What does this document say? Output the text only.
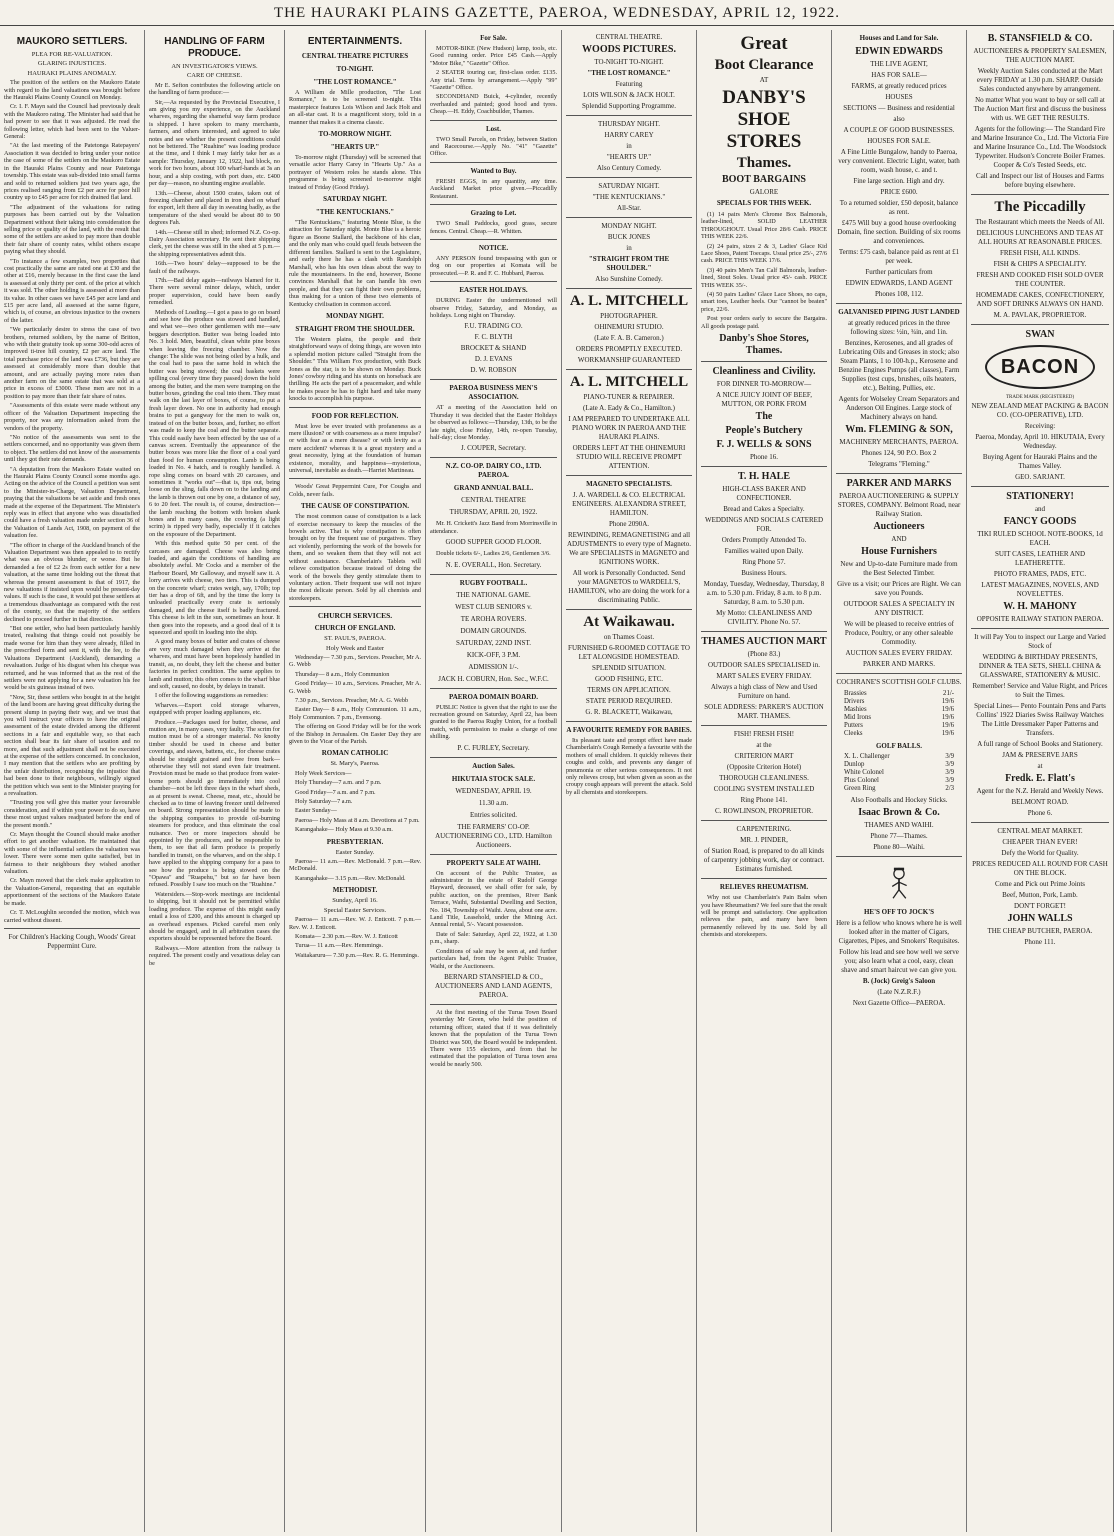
THE HAURAKI PLAINS GAZETTE, PAEROA, WEDNESDAY, APRIL 12, 1922.
MAUKORO SETTLERS.
PLEA FOR RE-VALUATION.
GLARING INJUSTICES.
HAURAKI PLAINS ANOMALY.

The position of the settlers on the Maukoro Estate with regard to the land valuations was brought before the Hauraki Plains County Council on Monday.

Cr. I. F. Mayn said the Council had previously dealt with the Maukoro rating. The Minister had said that he had power to see that it was adjusted. He read the following letter, which had been sent to the Valuer-General:

"At the last meeting of the Patetonga Ratepayers' Association it was decided to bring under your notice the case of some of the settlers on the Maukoro Estate in the Hauraki Plains County and near Patetonga township. This estate was sub-divided into small farms and sold to returned soldiers just two years ago, the prices realised ranging from £2 per acre for poor hill country up to £45 per acre for rich drained flat land.

"The adjustment of the valuations for rating purposes has been carried out by the Valuation Department without their taking into consideration the selling price or quality of the land, with the result that some of the settlers are asked to pay more than double their fair share of county rates, whilst others escape paying what they should.

"To instance a few examples, two properties that cost practically the same are rated one at £30 and the other at £16, merely because in the first case the land is assessed at only thirty per cent. of the price at which it was sold. The other holding is assessed at more than its value. In other cases we have £45 per acre land and £15 per acre land, all assessed at the same figure, which is, of course, an obvious injustice to the owners of the latter.

"We particularly desire to stress the case of two brothers, returned soldiers, by the name of Britton, who with their gratuity took up some 300-odd acres of improved ti-tree hill country, £2 per acre land. The total purchase price of the land was £736, but they are assessed at considerably more than double that amount, and are actually paying more rates than another farm on the same estate that was sold at a price in excess of £3000. These men are not in a position to pay more than their fair share of rates.

"Assessments of this estate were made without any officer of the Valuation Department inspecting the property, nor was any information asked from the vendors of the property.

"No notice of the assessments was sent to the settlers concerned, and no opportunity was given them to object. The settlers did not know of the assessments until they got their rate demands.

"A deputation from the Maukoro Estate waited on the Hauraki Plains County Council some months ago. Acting on the advice of the Council a petition was sent to the Minister-in-Charge, Valuation Department, praying that the valuations be set aside and fresh ones made at the expense of the Department. The Minister's reply was in effect that anyone who was dissatisfied could have a fresh valuation made under section 36 of the Valuation of Lands Act, 1908, on payment of the valuation fee.

"The officer in charge of the Auckland branch of the Valuation Department was then appealed to to rectify what was an obvious blunder, or worse. But he demanded a fee of £2 2s from each settler for a new valuation, at the same time holding out the threat that whereas the present assessment is that of 1917, the new valuations if insisted upon would be present-day values. If such is the case, it would put these settlers at a tremendous disadvantage as compared with the rest of the county, so that the majority of the settlers declined to proceed further in that direction.

"But one settler, who had been particularly harshly treated, realising that things could not possibly be made worse for him than they were already, filled in the prescribed form and sent it, with the fee, to the Valuations Department (Auckland), demanding a revaluation. Judge of his disgust when his cheque was returned, and he was informed that as the rest of the settlers were not applying for a new valuation his fee would be six guineas instead of two.

"Now, Sir, these settlers who bought in at the height of the land boom are having great difficulty during the present slump in paying their way, and we trust that you will instruct your officers to have the original assessment of the estate divided among the different sections in a fair and equitable way, so that each section shall bear its fair share of taxation and no more, and that such adjustment shall not be executed at the expense of the settlers concerned. In conclusion, I may mention that the settlers who are profiting by the unfair distribution, recognising the injustice that had been done to their neighbours, willingly signed the petition which was sent to the Minister praying for a revaluation.

"Trusting you will give this matter your favourable consideration, and if within your power to do so, have these most unjust values readjusted before the end of the present month."

Cr. Mayn thought the Council should make another effort to get another valuation. He maintained that with some of the influential settlers the valuation was lower. There were some men quite satisfied, but in fairness to their neighbours they wished another valuation.

Cr. Mayn moved that the clerk make application to the Valuation-General, requesting that an equitable apportionment of the sections of the Maukoro Estate be made.

Cr. T. McLoughlin seconded the motion, which was carried without dissent.

For Children's Hacking Cough, Woods' Great Peppermint Cure.
HANDLING OF FARM PRODUCE.
AN INVESTIGATOR'S VIEWS.
CARE OF CHEESE.

Mr E. Sefton contributes the following article on the handling of farm produce:—

Sir,—As requested by the Provincial Executive, I am giving you my experience, on the Auckland wharves, regarding the shameful way farm produce is shipped. I have spoken to many merchants, farmers, and others interested, and agreed to take notes and see whether the present conditions could not be bettered. The "Ruahine" was loading produce at the time, and I think I may fairly take her as a sample: Thursday, January 12, 1922, had block, no work for two hours, about 100 wharf-hands at 3s an hour, and a ship costing, with port dues, etc. £400 per day—reason, no shunting engine available.

13th.—Cheese, about 1500 crates, taken out of freezing chamber and placed in iron shed on wharf for export, left there all day in sweating badly, as the temperature of the shed would be about 80 to 90 degrees Fah.

14th.—Cheese still in shed; informed N.Z. Co-op. Dairy Association secretary. He sent their shipping clerk, yet the cheese was still in the shed at 5 p.m.—the shipping representatives admit this.

16th.—Two hours' delay—supposed to be the fault of the railways.

17th.—Bad delay again—railways blamed for it. There were several minor delays, which, under proper supervision, could have been easily remedied.

Methods of Loading.—I got a pass to go on board and see how the produce was stowed and handled, and what we—two other gentlemen with me—saw beggars description. Butter was being loaded into No. 3 hold. Men, beautiful, clean white pine boxes when leaving the freezing chamber. Now the change: The slide was not being oiled by a hulk, and the coal had to pass the same hold in which the butter was being stowed; the coal baskets were spilling coal (every time they passed) down the hold among the butter, and the men were tramping on the butter boxes, grinding the coal into them. They must walk on the last layer of boxes, of course, to put a fresh layer down. No one in authority had enough brains to put a gangway for the men to walk on, instead of on the butter boxes, and, further, no effort was made to keep the coal and the butter separate. This could easily have been effected by the use of a canvas screen. Eventually the appearance of the butter boxes was more like the floor of a coal yard than food for human consumption. Lamb is being loaded in No. 4 hatch, and is roughly handled. A rope sling comes on board with 20 carcases, and sometimes it "works out"—that is, tips out, being loose on the sling, falls down on to the landing and the lamb is thrown out one by one, a distance of say, 6 to 20 feet. The result is, of course, destruction—the lamb reaching the bottom with broken shank bones and in many cases, the covering (a light scrim) is ripped very badly, especially if it catches on the exposure of the Department.

With this method quite 50 per cent. of the carcases are damaged. Cheese was also being loaded, and again the conditions of handling are absolutely awful. Mr Cocks and a member of the Harbour Board, Mr Galloway, and myself saw it. A lorry arrives with cheese, two tiers. This is dumped on the concrete wharf; crates weigh, say, 170lb; top tier has a drop of 6ft, and by the time the lorry is unloaded practically every crate is seriously damaged, and the cheese itself is badly fractured. This cheese is left in the sun, sometimes an hour. It then goes into the ropesets, and a good deal of it is squeezed and spoilt in loading into the ship.

A good many boxes of butter and crates of cheese are very much damaged when they arrive at the wharves, and must have been hopelessly handled in transit, as, no doubt, they left the cheese and butter factories in perfect condition. The same applies to lamb and mutton; this often comes to the wharf blue and soft, caused, no doubt, by delays in transit.

I offer the following suggestions as remedies:

Wharves.—Export cold storage wharves, equipped with proper loading appliances, etc.

Produce.—Packages used for butter, cheese, and mutton are, in many cases, very faulty. The scrim for mutton must be of a stronger material. No knotty timber should be used in cheese and butter coverings, and staves, battens, etc., for cheese crates should be straight grained and free from bark—otherwise they will not stand even fair treatment. Provision must be made so that produce from water-borne ports should go immediately into cool chamber—not be left three days in the wharf sheds, as at present is sweat. Cheese, meat, etc., should be checked as to time of leaving freezer until delivered on board. Strong representation should be made to the shipping companies to provide oil-burning steamers for produce, and thus eliminate the coal nuisance. Two or more inspectors should be appointed by the producers, and be responsible to them, to see that all farm produce is properly handled in transit, on the wharves, and on the ship. I have applied to the shipping company for a pass to see how the produce is being stowed on the "Opawa" and "Ruapehu," but so far have been refused. Possibly I saw too much on the "Ruahine."

Watersiders.—Stop-work meetings are incidental to shipping, but it should not be permitted whilst loading produce. The expense of this might easily entail a loss of £200, and this amount is charged up as overhead expenses. Picked careful men only should be engaged, and in all arbitration cases the exporters should be represented before the Board.

Railways.—More attention from the railway is required. The present costly and vexatious delay can be

ENTERTAINMENTS.
CENTRAL THEATRE PICTURES
TO-NIGHT.
"THE LOST ROMANCE."

A William de Mille production, "The Lost Romance," is to be screened to-night. This masterpiece features Lois Wilson and Jack Holt and an all-star cast. It is a magnificent story, told in a manner that makes it a cinema classic.

TO-MORROW NIGHT.
"HEARTS UP."

To-morrow night (Thursday) will be screened that versatile actor Harry Carey in "Hearts Up." As a portrayer of Western roles he stands alone. This programme is being screened to-morrow night instead of Friday (Good Friday).

SATURDAY NIGHT.
"THE KENTUCKIANS."

"The Kentuckians," featuring Monte Blue, is the attraction for Saturday night. Monte Blue is a heroic figure as Boone Stallard, the backbone of his clan, and the only man who could quell feuds between the different families. Stallard is sent to the Legislature, and early there he has a clash with Randolph Marshall, who has his own ideas about the way to rule the mountaineers. In the end, however, Boone convinces Marshall that he can handle his own people, and that they can fight their own problems, thus making for a union of these two elements of Kentucky civilisation in common accord.

MONDAY NIGHT.
STRAIGHT FROM THE SHOULDER.

The Western plains, the people and their straightforward ways of doing things, are woven into a splendid motion picture called "Straight from the Shoulder." This William Fox production, with Buck Jones as the star, is to be shown on Monday. Buck Jones' cowboy riding and his stunts on horseback are thrilling. He acts the part of a peacemaker, and while he makes peace he has to fight hard and take many knocks to accomplish his purpose.

FOOD FOR REFLECTION.

Must love be ever treated with profaneness as a mere illusion? or with coarseness as a mere impulse? or with fear as a mere disease? or with levity as a mere accident? whereas it is a great mystery and a great necessity, lying at the foundation of human existence, morality, and happiness—mysterious, universal, inevitable as death.—Harriet Martineau.

Woods' Great Peppermint Cure, For Coughs and Colds, never fails.

THE CAUSE OF CONSTIPATION.

The most common cause of constipation is a lack of exercise necessary to keep the muscles of the bowels active. That is why constipation is often brought on by the frequent use of purgatives. They act violently, performing the work of the bowels for them, and so weaken them that they will not act without assistance. Chamberlain's Tablets will relieve constipation because instead of doing the work of the bowels they gently stimulate them to voluntary action. Their frequent use will not injure the most delicate person. Sold by all chemists and storekeepers.

CHURCH SERVICES.
CHURCH OF ENGLAND.
ST. PAUL'S, PAEROA.
Holy Week and Easter

Wednesday— 7.30 p.m., Services. Preacher, Mr A. G. Webb

Thursday— 8 a.m., Holy Communion

Good Friday— 10 a.m., Services. Preacher, Mr A. G. Webb

7.30 p.m., Services. Preacher, Mr A. G. Webb

Easter Day— 8 a.m., Holy Communion. 11 a.m., Holy Communion. 7 p.m., Evensong.

The offering on Good Friday will be for the work of the Bishop in Jerusalem. On Easter Day they are given to the Vicar of the Parish.

ROMAN CATHOLIC
St. Mary's, Paeroa.

Holy Week Services—

Holy Thursday—7 a.m. and 7 p.m.

Good Friday—7 a.m. and 7 p.m.

Holy Saturday—7 a.m.

Easter Sunday—

Paeroa— Holy Mass at 8 a.m. Devotions at 7 p.m.

Karangahake— Holy Mass at 9.30 a.m.

PRESBYTERIAN.
Easter Sunday.

Paeroa— 11 a.m.—Rev. McDonald. 7 p.m.—Rev. McDonald.

Karangahake— 3.15 p.m.—Rev. McDonald.

METHODIST.
Sunday, April 16.
Special Easter Services.

Paeroa— 11 a.m.—Rev. W. J. Enticott. 7 p.m.—Rev. W. J. Enticott.

Komata— 2.30 p.m.—Rev. W. J. Enticott

Turua— 11 a.m.—Rev. Hemmings.

Waitakaruru— 7.30 p.m.—Rev. R. G. Hemmings.

For Sale.

MOTOR-BIKE (New Hudson) lamp, tools, etc. Good running order. Price £45 Cash.—Apply "Motor Bike," "Gazette" Office.

2 SEATER touring car, first-class order. £135. Any trial. Terms by arrangement.—Apply "99" "Gazette" Office.

SECONDHAND Buick, 4-cylinder, recently overhauled and painted; good hood and tyres. Cheap.—H. Eddy, Coachbuilder, Thames.

Lost.

TWO Small Parcels, on Friday, between Station and Racecourse.—Apply No. "41" "Gazette" Office.

Wanted to Buy.

FRESH EGGS, in any quantity, any time. Auckland Market price given.—Piccadilly Restaurant.

Grazing to Let.

TWO Small Paddocks, good grass, secure fences. Central. Cheap.—R. Whitten.

NOTICE.

ANY PERSON found trespassing with gun or dog on our properties at Komata will be prosecuted.—P. R. and F. C. Hubbard, Paeroa.

EASTER HOLIDAYS.

DURING Easter the undermentioned will observe Friday, Saturday, and Monday, as holidays. Long night on Thursday.

F.U. TRADING CO.

F. C. BLYTH

BROCKET & SHAND

D. J. EVANS

D. W. ROBSON

PAEROA BUSINESS MEN'S ASSOCIATION.

AT a meeting of the Association held on Thursday it was decided that the Easter Holidays be observed as follows:—Thursday, 13th, to be the late night, close Friday, 14th, re-open Tuesday, half-day; close Monday.

J. COUPER, Secretary.
N.Z. CO-OP. DAIRY CO., LTD. PAEROA.
GRAND ANNUAL BALL.
CENTRAL THEATRE
THURSDAY, APRIL 20, 1922.

Mr. H. Crickett's Jazz Band from Morrinsville in attendance.

GOOD SUPPER GOOD FLOOR.

Double tickets 6/-, Ladies 2/6, Gentlemen 3/6.

N. E. OVERALL, Hon. Secretary.
RUGBY FOOTBALL.
THE NATIONAL GAME.
WEST CLUB SENIORS v.
TE AROHA ROVERS.
DOMAIN GROUNDS.
SATURDAY, 22ND INST.
KICK-OFF, 3 P.M.
ADMISSION 1/-.
JACK H. COBURN, Hon. Sec., W.F.C.
PAEROA DOMAIN BOARD.

PUBLIC Notice is given that the right to use the recreation ground on Saturday, April 22, has been granted to the Paeroa Rugby Union, for a football match, with permission to make a charge of one shilling.

P. C. FURLEY, Secretary.
Auction Sales.
HIKUTAIA STOCK SALE.
WEDNESDAY, APRIL 19.
11.30 a.m.
Entries solicited.
THE FARMERS' CO-OP. AUCTIONEERING CO., LTD. Hamilton Auctioneers.
PROPERTY SALE AT WAIHI.

On account of the Public Trustee, as administrator in the estate of Rudolf George Hayward, deceased, we shall offer for sale, by public auction, on the premises, River Bank Terrace, Waihi, Substantial Dwelling and Section, No. 184, Township of Waihi. Area, about one acre. Land Title, Leasehold, under the Mining Act. Annual rental, 5/-. Vacant possession.

Date of Sale: Saturday, April 22, 1922, at 1.30 p.m., sharp.

Conditions of sale may be seen at, and further particulars had, from the Agent Public Trustee, Waihi, or the Auctioneers.

BERNARD STANSFIELD & CO., AUCTIONEERS AND LAND AGENTS, PAEROA.

At the first meeting of the Turua Town Board yesterday Mr Green, who held the position of returning officer, stated that if it was definitely known that the population of the Turua Town District was 500, the Board would be independent. There were 155 electors, and from that he estimated that the population of Turua town area would be nearly 500.

CENTRAL THEATRE.

WOODS PICTURES.

TO-NIGHT TO-NIGHT.

"THE LOST ROMANCE."

Featuring

LOIS WILSON & JACK HOLT.

Splendid Supporting Programme.

THURSDAY NIGHT.

HARRY CAREY

in

"HEARTS UP."

Also Century Comedy.

SATURDAY NIGHT.

"THE KENTUCKIANS."

All-Star.

MONDAY NIGHT.

BUCK JONES

in

"STRAIGHT FROM THE SHOULDER."

Also Sunshine Comedy.

A. L. MITCHELL

PHOTOGRAPHER.

OHINEMURI STUDIO.

(Late F. A. B. Cameron.)

ORDERS PROMPTLY EXECUTED.

WORKMANSHIP GUARANTEED

A. L. MITCHELL

PIANO-TUNER & REPAIRER.

(Late A. Eady & Co., Hamilton.)

I AM PREPARED TO UNDERTAKE ALL PIANO WORK IN PAEROA AND THE HAURAKI PLAINS.

ORDERS LEFT AT THE OHINEMURI STUDIO WILL RECEIVE PROMPT ATTENTION.

MAGNETO SPECIALISTS.

J. A. WARDELL & CO. ELECTRICAL ENGINEERS. ALEXANDRA STREET, HAMILTON.

Phone 2090A.

REWINDING, REMAGNETISING and all ADJUSTMENTS to every type of Magneto. We are SPECIALISTS in MAGNETO and IGNITIONS WORK.

All work is Personally Conducted. Send your MAGNETOS to WARDELL'S, HAMILTON, who are doing the work for a discriminating Public.

At Waikawau.

on Thames Coast.

FURNISHED 6-ROOMED COTTAGE TO LET ALONGSIDE HOMESTEAD.

SPLENDID SITUATION.

GOOD FISHING, ETC.

TERMS ON APPLICATION.

STATE PERIOD REQUIRED.

G. R. BLACKETT, Waikawau,

A FAVOURITE REMEDY FOR BABIES.

Its pleasant taste and prompt effect have made Chamberlain's Cough Remedy a favourite with the mothers of small children. It quickly relieves their coughs and colds, and prevents any danger of pneumonia or other serious consequences. It not only relieves croup, but when given as soon as the croupy cough appears will prevent the attack. Sold by all chemists and storekeepers.

Great

Boot Clearance

AT

DANBY'S SHOE STORES

Thames.

BOOT BARGAINS

GALORE

SPECIALS FOR THIS WEEK.

(1) 14 pairs Men's Chrome Box Balmorals, leather-lined, SOLID LEATHER THROUGHOUT. Usual Price 28/6 Cash. PRICE THIS WEEK 22/6.

(2) 24 pairs, sizes 2 & 3, Ladies' Glace Kid Lace Shoes, Patent Toecaps. Usual price 25/-, 27/6 cash. PRICE THIS WEEK 17/6.

(3) 40 pairs Men's Tan Calf Balmorals, leather-lined, Stout Soles. Usual price 45/- cash. PRICE THIS WEEK 35/-.

(4) 50 pairs Ladies' Glace Lace Shoes, no caps, smart toes, Leather heels. Our "cannot be beaten" price, 22/6.

Post your orders early to secure the Bargains. All goods postage paid.

Danby's Shoe Stores, Thames.

Cleanliness and Civility.

FOR DINNER TO-MORROW—

A NICE JUICY JOINT OF BEEF, MUTTON, OR PORK FROM

The

People's Butchery

F. J. WELLS & SONS

Phone 16.

T. H. HALE

HIGH-CLASS BAKER AND CONFECTIONER.

Bread and Cakes a Specialty.

WEDDINGS AND SOCIALS CATERED FOR.

Orders Promptly Attended To.

Families waited upon Daily.

Ring Phone 57.

Business Hours.

Monday, Tuesday, Wednesday, Thursday, 8 a.m. to 5.30 p.m. Friday, 8 a.m. to 8 p.m. Saturday, 8 a.m. to 5.30 p.m.

My Motto: CLEANLINESS AND CIVILITY. Phone No. 57.

THAMES AUCTION MART

(Phone 83.)

OUTDOOR SALES SPECIALISED in.

MART SALES EVERY FRIDAY.

Always a high class of New and Used Furniture on hand.

SOLE ADDRESS: PARKER'S AUCTION MART. THAMES.

FISH! FRESH FISH!

at the

CRITERION MART

(Opposite Criterion Hotel)

THOROUGH CLEANLINESS.

COOLING SYSTEM INSTALLED

Ring Phone 141.

C. ROWLINSON, PROPRIETOR.

CARPENTERING.

MR. J. PINDER,

of Station Road, is prepared to do all kinds of carpentry jobbing work, day or contract. Estimates furnished.

RELIEVES RHEUMATISM.

Why not use Chamberlain's Pain Balm when you have Rheumatism? We feel sure that the result will be prompt and satisfactory. One application relieves the pain, and many have been permanently relieved by its use. Sold by all chemists and storekeepers.

Houses and Land for Sale.

EDWIN EDWARDS

THE LIVE AGENT,

HAS FOR SALE—

FARMS, at greatly reduced prices

HOUSES

SECTIONS — Business and residential

also

A COUPLE OF GOOD BUSINESSES.

HOUSES FOR SALE.

A Fine Little Bungalow, handy to Paeroa, very convenient. Electric Light, water, bath room, wash house, c. and t.

Fine large section. High and dry.

PRICE £600.

To a returned soldier, £50 deposit, balance as rent.

£475 Will buy a good house overlooking Domain, fine section. Building of six rooms and conveniences.

Terms: £75 cash, balance paid as rent at £1 per week.

Further particulars from

EDWIN EDWARDS, LAND AGENT

Phones 108, 112.

GALVANISED PIPING JUST LANDED

at greatly reduced prices in the three following sizes: ½in, ¾in, and 1in.

Benzines, Kerosenes, and all grades of Lubricating Oils and Greases in stock; also Steam Plants, 1 to 100-h.p., Kerosene and Benzine Engines Pumps (all classes), Farm Supplies (test cups, brushes, oils heaters, etc.), Belting, Pullies, etc.

Agents for Wolseley Cream Separators and Anderson Oil Engines. Large stock of Machinery always on hand.

Wm. FLEMING & SON,

MACHINERY MERCHANTS, PAEROA.

Phones 124, 90 P.O. Box 2

Telegrams "Fleming."

PARKER AND MARKS

PAEROA AUCTIONEERING & SUPPLY STORES, COMPANY. Belmont Road, near Railway Station.

Auctioneers

AND

House Furnishers

New and Up-to-date Furniture made from the Best Selected Timber.

Give us a visit; our Prices are Right. We can save you Pounds.

OUTDOOR SALES A SPECIALTY IN ANY DISTRICT.

We will be pleased to receive entries of Produce, Poultry, or any other saleable Commodity.

AUCTION SALES EVERY FRIDAY.

PARKER AND MARKS.

COCHRANE'S SCOTTISH GOLF CLUBS.

Brassies	21/-
Drivers	19/6
Mashies	19/6
Mid Irons	19/6
Putters	19/6
Cleeks	19/6
GOLF BALLS.
X. L. Challenger	3/9
Dunlop	3/9
White Colonel	3/9
Plus Colonel	3/9
Green Ring	2/3

Also Footballs and Hockey Sticks.

Isaac Brown & Co.

THAMES AND WAIHI.

Phone 77—Thames.

Phone 80—Waihi.

HE'S OFF TO JOCK'S

Here is a fellow who knows where he is well looked after in the matter of Cigars, Cigarettes, Pipes, and Smokers' Requisites.

Follow his lead and see how well we serve you; also learn what a cool, easy, clean shave and smart haircut we can give you.

B. (Jock) Greig's Saloon

(Late N.Z.R.F.)

Next Gazette Office—PAEROA.

B. STANSFIELD & CO.

AUCTIONEERS & PROPERTY SALESMEN, THE AUCTION MART.

Weekly Auction Sales conducted at the Mart every FRIDAY at 1.30 p.m. SHARP. Outside Sales conducted anywhere by arrangement.

No matter What you want to buy or sell call at The Auction Mart first and discuss the business with us. WE GET THE RESULTS.

Agents for the following:— The Standard Fire and Marine Insurance Co., Ltd. The Victoria Fire and Marine Insurance Co., Ltd. The Woodstock Typewriter. Hudson's Concrete Boiler Frames. Cooper & Co's Tested Seeds, etc.

Call and Inspect our list of Houses and Farms before buying elsewhere.

The Piccadilly

The Restaurant which meets the Needs of All.

DELICIOUS LUNCHEONS AND TEAS AT ALL HOURS AT REASONABLE PRICES.

FRESH FISH, ALL KINDS.

FISH & CHIPS A SPECIALITY.

FRESH AND COOKED FISH SOLD OVER THE COUNTER.

HOMEMADE CAKES, CONFECTIONERY, AND SOFT DRINKS ALWAYS ON HAND.

M. A. PAVLAK, PROPRIETOR.

SWAN

BACON
TRADE MARK (REGISTERED)

NEW ZEALAND MEAT PACKING & BACON CO. (CO-OPERATIVE), LTD.

Receiving:

Paeroa, Monday, April 10. HIKUTAIA, Every Wednesday.

Buying Agent for Hauraki Plains and the Thames Valley.

GEO. SARJANT.

STATIONERY!

and

FANCY GOODS

TIKI RULED SCHOOL NOTE-BOOKS, 1d EACH.

SUIT CASES, LEATHER AND LEATHERETTE.

PHOTO FRAMES, PADS, ETC.

LATEST MAGAZINES, NOVELS, AND NOVELETTES.

W. H. MAHONY

OPPOSITE RAILWAY STATION PAEROA.

It will Pay You to inspect our Large and Varied Stock of

WEDDING & BIRTHDAY PRESENTS, DINNER & TEA SETS, SHELL CHINA & GLASSWARE, STATIONERY & MUSIC.

Remember! Service and Value Right, and Prices to Suit the Times.

Special Lines— Pento Fountain Pens and Parts Collins' 1922 Diaries Swiss Railway Watches The Little Dressmaker Paper Patterns and Transfers.

A full range of School Books and Stationery.

JAM & PRESERVE JARS

at

Fredk. E. Flatt's

Agent for the N.Z. Herald and Weekly News.

BELMONT ROAD.

Phone 6.

CENTRAL MEAT MARKET.

CHEAPER THAN EVER!

Defy the World for Quality.

PRICES REDUCED ALL ROUND FOR CASH ON THE BLOCK.

Come and Pick out Prime Joints

Beef, Mutton, Pork, Lamb.

DON'T FORGET!

JOHN WALLS

THE CHEAP BUTCHER, PAEROA.

Phone 111.
